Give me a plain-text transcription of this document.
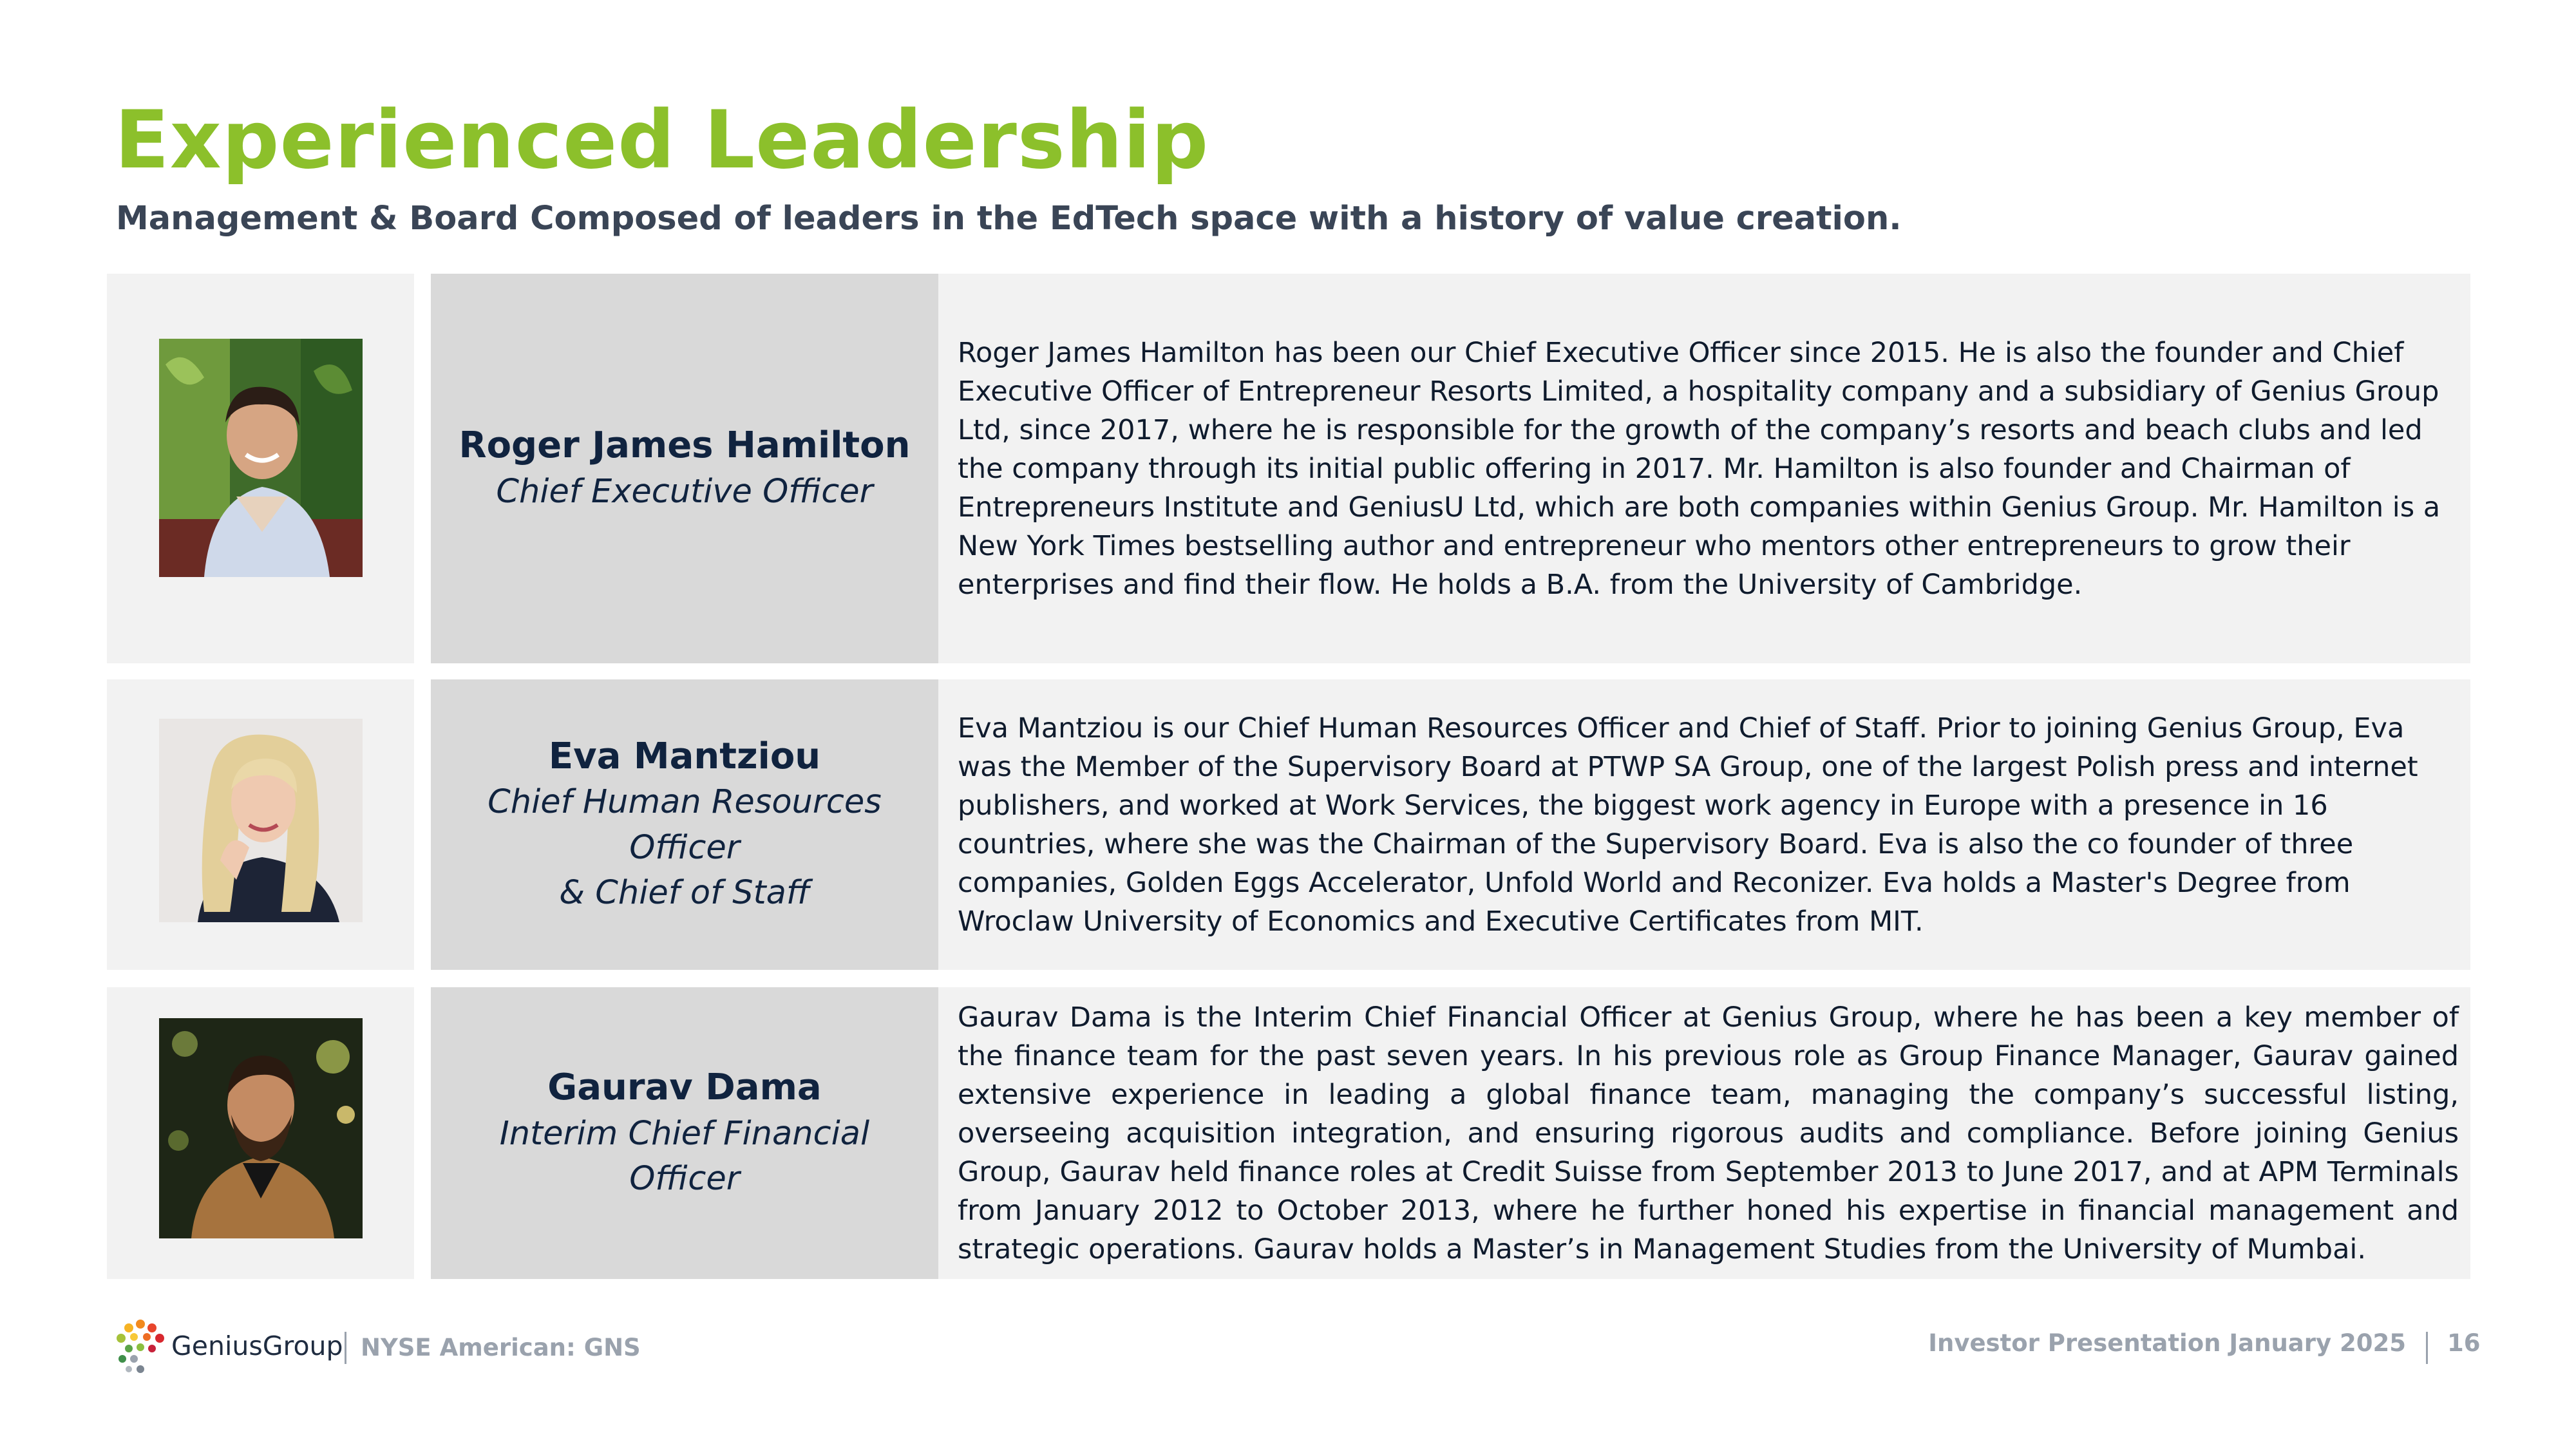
Experienced Leadership
Management & Board Composed of leaders in the EdTech space with a history of value creation.
Roger James Hamilton
Chief Executive Officer
Roger James Hamilton has been our Chief Executive Officer since 2015. He is also the founder and Chief Executive Officer of Entrepreneur Resorts Limited, a hospitality company and a subsidiary of Genius Group Ltd, since 2017, where he is responsible for the growth of the company’s resorts and beach clubs and led the company through its initial public offering in 2017. Mr. Hamilton is also founder and Chairman of Entrepreneurs Institute and GeniusU Ltd, which are both companies within Genius Group. Mr. Hamilton is a New York Times bestselling author and entrepreneur who mentors other entrepreneurs to grow their enterprises and find their flow. He holds a B.A. from the University of Cambridge.
Eva Mantziou
Chief Human Resources Officer
& Chief of Staff
Eva Mantziou is our Chief Human Resources Officer and Chief of Staff. Prior to joining Genius Group, Eva was the Member of the Supervisory Board at PTWP SA Group, one of the largest Polish press and internet publishers, and worked at Work Services, the biggest work agency in Europe with a presence in 16 countries, where she was the Chairman of the Supervisory Board. Eva is also the co founder of three companies, Golden Eggs Accelerator, Unfold World and Reconizer. Eva holds a Master's Degree from Wroclaw University of Economics and Executive Certificates from MIT.
Gaurav Dama
Interim Chief Financial
Officer
Gaurav Dama is the Interim Chief Financial Officer at Genius Group, where he has been a key member of the finance team for the past seven years. In his previous role as Group Finance Manager, Gaurav gained extensive experience in leading a global finance team, managing the company’s successful listing, overseeing acquisition integration, and ensuring rigorous audits and compliance. Before joining Genius Group, Gaurav held finance roles at Credit Suisse from September 2013 to June 2017, and at APM Terminals from January 2012 to October 2013, where he further honed his expertise in financial management and strategic operations. Gaurav holds a Master’s in Management Studies from the University of Mumbai.
GeniusGroup NYSE American: GNS	Investor Presentation January 2025 16
